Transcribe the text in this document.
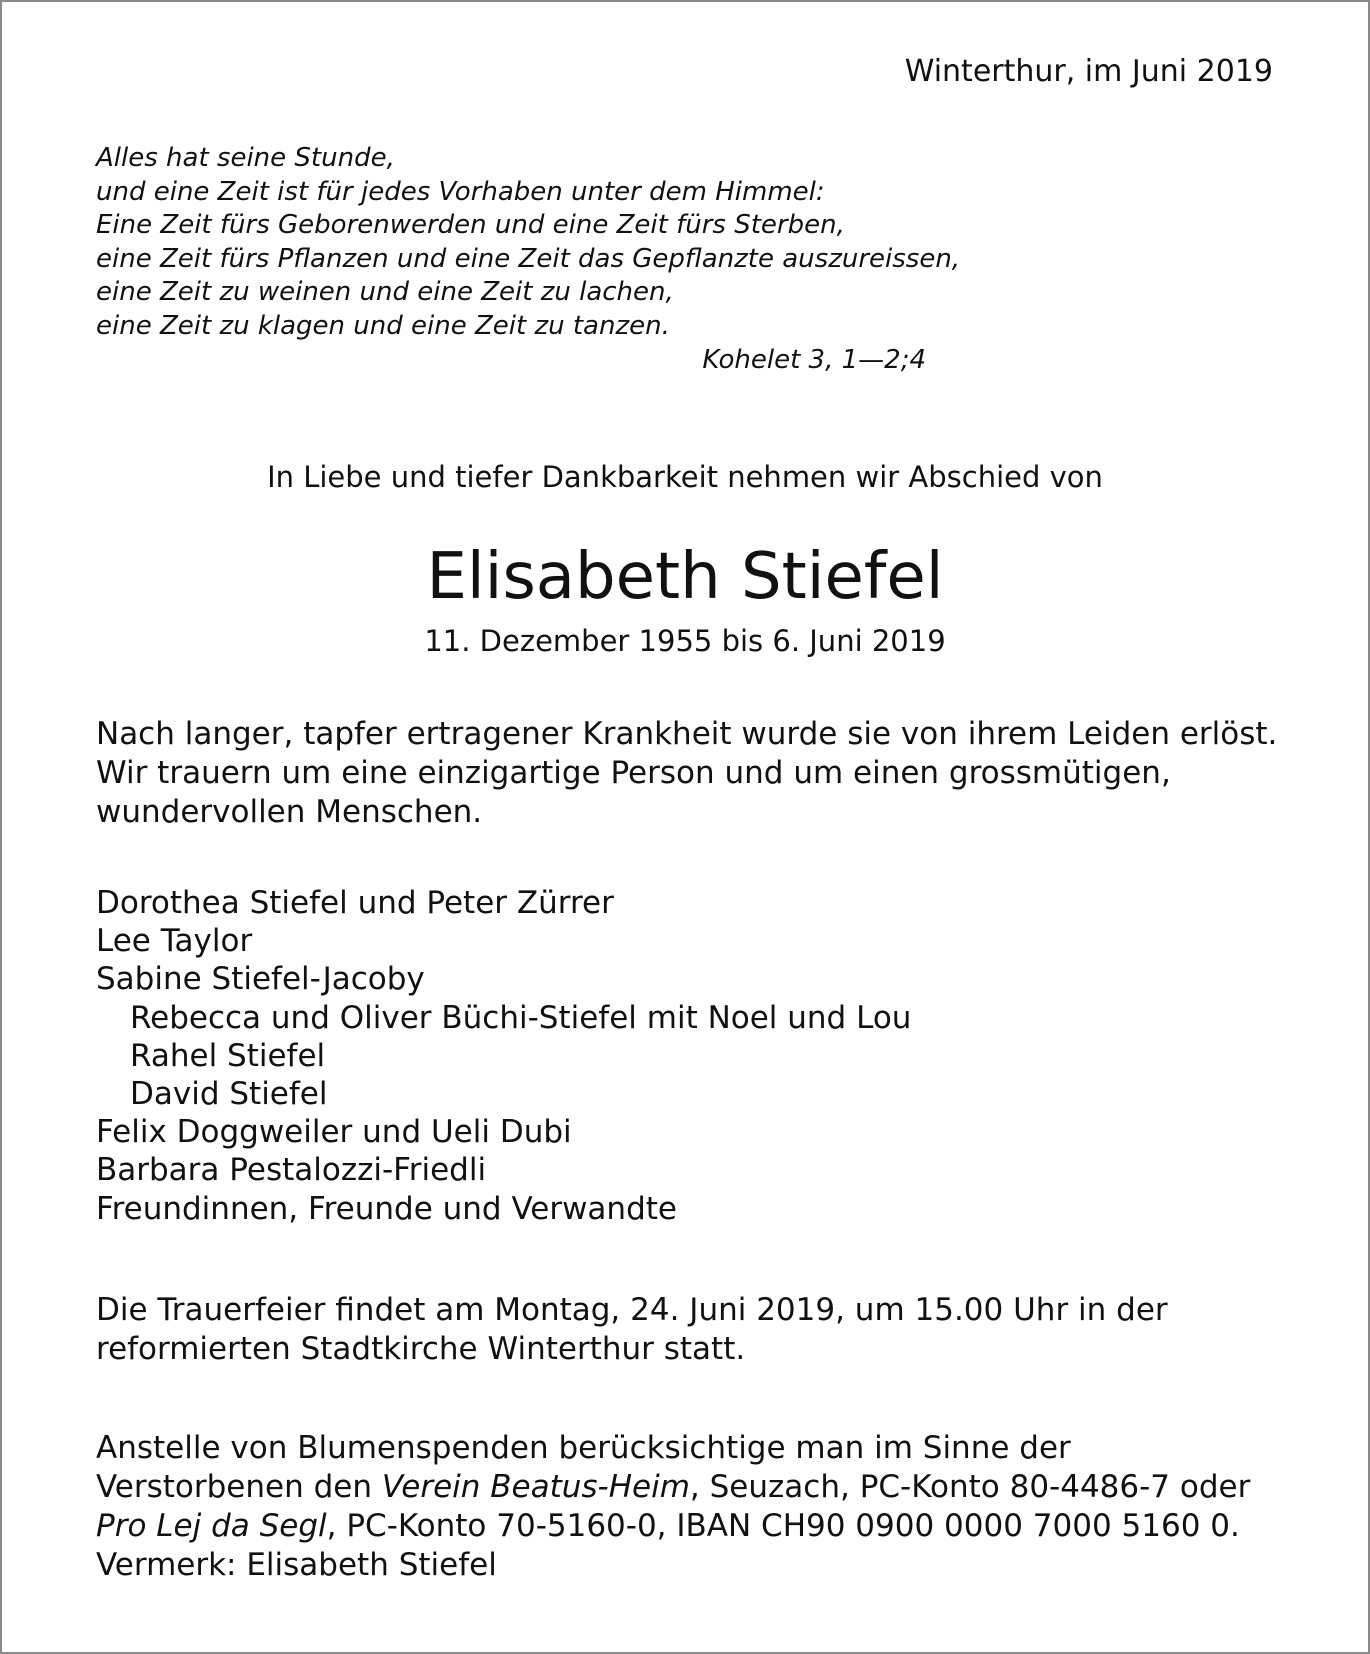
Winterthur, im Juni 2019
Alles hat seine Stunde,
und eine Zeit ist für jedes Vorhaben unter dem Himmel:
Eine Zeit fürs Geborenwerden und eine Zeit fürs Sterben,
eine Zeit fürs Pflanzen und eine Zeit das Gepflanzte auszureissen,
eine Zeit zu weinen und eine Zeit zu lachen,
eine Zeit zu klagen und eine Zeit zu tanzen.
Kohelet 3, 1—2;4
In Liebe und tiefer Dankbarkeit nehmen wir Abschied von
Elisabeth Stiefel
11. Dezember 1955 bis 6. Juni 2019
Nach langer, tapfer ertragener Krankheit wurde sie von ihrem Leiden erlöst.
Wir trauern um eine einzigartige Person und um einen grossmütigen,
wundervollen Menschen.
Dorothea Stiefel und Peter Zürrer
Lee Taylor
Sabine Stiefel-Jacoby
Rebecca und Oliver Büchi-Stiefel mit Noel und Lou
Rahel Stiefel
David Stiefel
Felix Doggweiler und Ueli Dubi
Barbara Pestalozzi-Friedli
Freundinnen, Freunde und Verwandte
Die Trauerfeier findet am Montag, 24. Juni 2019, um 15.00 Uhr in der
reformierten Stadtkirche Winterthur statt.
Anstelle von Blumenspenden berücksichtige man im Sinne der
Verstorbenen den Verein Beatus-Heim, Seuzach, PC-Konto 80-4486-7 oder
Pro Lej da Segl, PC-Konto 70-5160-0, IBAN CH90 0900 0000 7000 5160 0.
Vermerk: Elisabeth Stiefel
